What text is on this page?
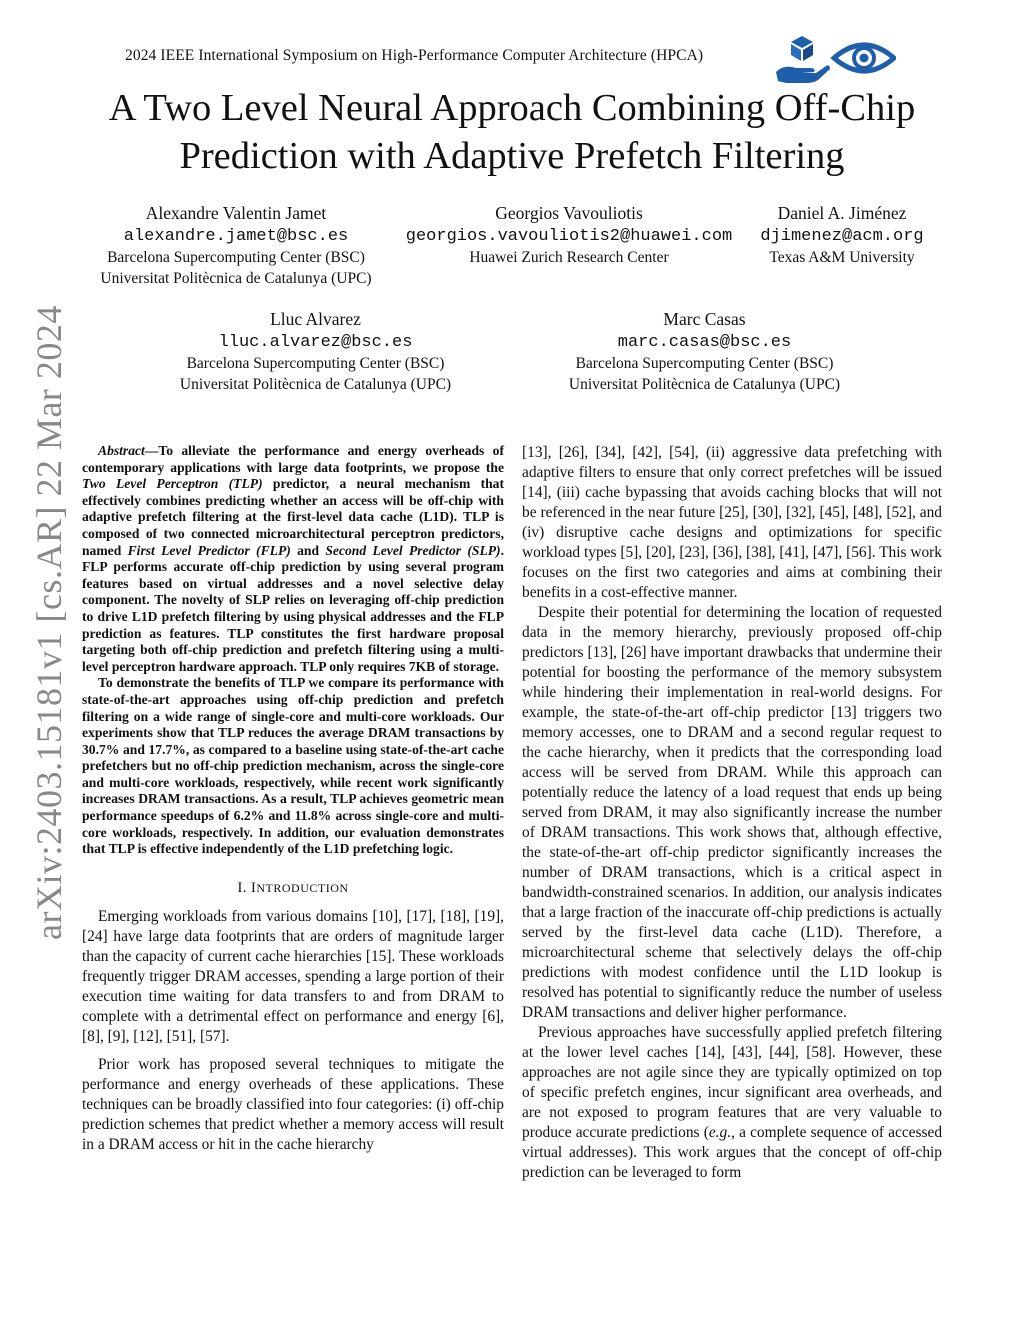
2024 IEEE International Symposium on High-Performance Computer Architecture (HPCA)
A Two Level Neural Approach Combining Off-Chip
Prediction with Adaptive Prefetch Filtering
Alexandre Valentin Jamet
alexandre.jamet@bsc.es
Barcelona Supercomputing Center (BSC)
Universitat Politècnica de Catalunya (UPC)
Georgios Vavouliotis
georgios.vavouliotis2@huawei.com
Huawei Zurich Research Center
Daniel A. Jiménez
djimenez@acm.org
Texas A&M University
Lluc Alvarez
lluc.alvarez@bsc.es
Barcelona Supercomputing Center (BSC)
Universitat Politècnica de Catalunya (UPC)
Marc Casas
marc.casas@bsc.es
Barcelona Supercomputing Center (BSC)
Universitat Politècnica de Catalunya (UPC)
arXiv:2403.15181v1 [cs.AR] 22 Mar 2024	Abstract—To alleviate the performance and energy overheads of contemporary applications with large data footprints, we propose the Two Level Perceptron (TLP) predictor, a neural mechanism that effectively combines predicting whether an access will be off-chip with adaptive prefetch filtering at the first-level data cache (L1D). TLP is composed of two connected microarchitectural perceptron predictors, named First Level Predictor (FLP) and Second Level Predictor (SLP). FLP performs accurate off-chip prediction by using several program features based on virtual addresses and a novel selective delay component. The novelty of SLP relies on leveraging off-chip prediction to drive L1D prefetch filtering by using physical addresses and the FLP prediction as features. TLP constitutes the first hardware proposal targeting both off-chip prediction and prefetch filtering using a multi-level perceptron hardware approach. TLP only requires 7KB of storage.

To demonstrate the benefits of TLP we compare its performance with state-of-the-art approaches using off-chip prediction and prefetch filtering on a wide range of single-core and multi-core workloads. Our experiments show that TLP reduces the average DRAM transactions by 30.7% and 17.7%, as compared to a baseline using state-of-the-art cache prefetchers but no off-chip prediction mechanism, across the single-core and multi-core workloads, respectively, while recent work significantly increases DRAM transactions. As a result, TLP achieves geometric mean performance speedups of 6.2% and 11.8% across single-core and multi-core workloads, respectively. In addition, our evaluation demonstrates that TLP is effective independently of the L1D prefetching logic.

I. INTRODUCTION

Emerging workloads from various domains [10], [17], [18], [19], [24] have large data footprints that are orders of magnitude larger than the capacity of current cache hierarchies [15]. These workloads frequently trigger DRAM accesses, spending a large portion of their execution time waiting for data transfers to and from DRAM to complete with a detrimental effect on performance and energy [6], [8], [9], [12], [51], [57].

Prior work has proposed several techniques to mitigate the performance and energy overheads of these applications. These techniques can be broadly classified into four categories: (i) off-chip prediction schemes that predict whether a memory access will result in a DRAM access or hit in the cache hierarchy

[13], [26], [34], [42], [54], (ii) aggressive data prefetching with adaptive filters to ensure that only correct prefetches will be issued [14], (iii) cache bypassing that avoids caching blocks that will not be referenced in the near future [25], [30], [32], [45], [48], [52], and (iv) disruptive cache designs and optimizations for specific workload types [5], [20], [23], [36], [38], [41], [47], [56]. This work focuses on the first two categories and aims at combining their benefits in a cost-effective manner.

Despite their potential for determining the location of requested data in the memory hierarchy, previously proposed off-chip predictors [13], [26] have important drawbacks that undermine their potential for boosting the performance of the memory subsystem while hindering their implementation in real-world designs. For example, the state-of-the-art off-chip predictor [13] triggers two memory accesses, one to DRAM and a second regular request to the cache hierarchy, when it predicts that the corresponding load access will be served from DRAM. While this approach can potentially reduce the latency of a load request that ends up being served from DRAM, it may also significantly increase the number of DRAM transactions. This work shows that, although effective, the state-of-the-art off-chip predictor significantly increases the number of DRAM transactions, which is a critical aspect in bandwidth-constrained scenarios. In addition, our analysis indicates that a large fraction of the inaccurate off-chip predictions is actually served by the first-level data cache (L1D). Therefore, a microarchitectural scheme that selectively delays the off-chip predictions with modest confidence until the L1D lookup is resolved has potential to significantly reduce the number of useless DRAM transactions and deliver higher performance.

Previous approaches have successfully applied prefetch filtering at the lower level caches [14], [43], [44], [58]. However, these approaches are not agile since they are typically optimized on top of specific prefetch engines, incur significant area overheads, and are not exposed to program features that are very valuable to produce accurate predictions (e.g., a complete sequence of accessed virtual addresses). This work argues that the concept of off-chip prediction can be leveraged to form
